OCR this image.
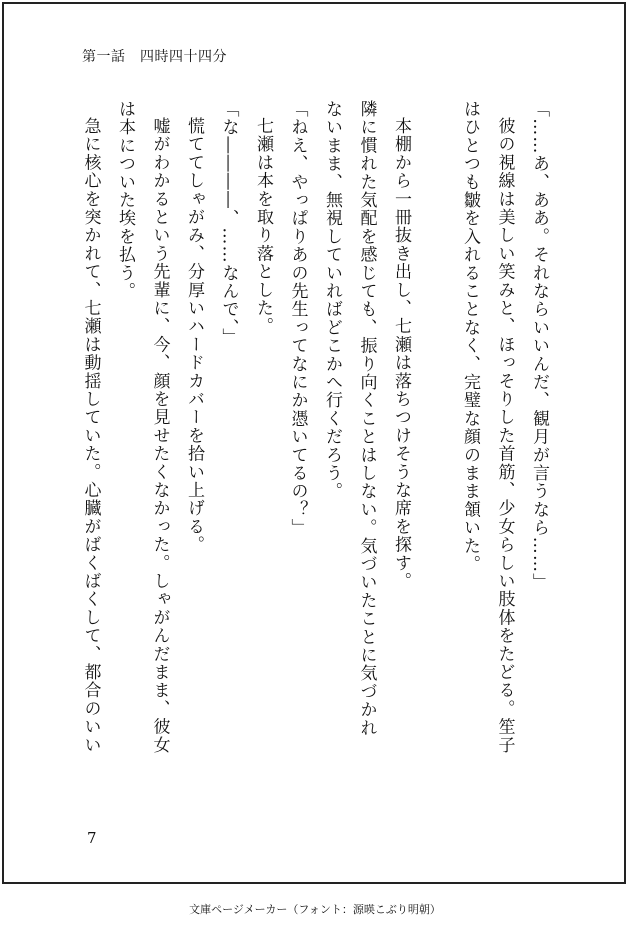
第一話　四時四十四分
「……あ、ああ。それならいいんだ、観月が言うなら……」
彼の視線は美しい笑みと、ほっそりした首筋、少女らしい肢体をたどる。笙子
はひとつも皺を入れることなく、完璧な顔のまま頷いた。
本棚から一冊抜き出し、七瀬は落ちつけそうな席を探す。
隣に慣れた気配を感じても、振り向くことはしない。気づいたことに気づかれ
ないまま、無視していればどこかへ行くだろう。
「ねえ、やっぱりあの先生ってなにか憑いてるの？」
七瀬は本を取り落とした。
「な――――、……なんで、」
慌ててしゃがみ、分厚いハードカバーを拾い上げる。
嘘がわかるという先輩に、今、顔を見せたくなかった。しゃがんだまま、彼女
は本についた埃を払う。
急に核心を突かれて、七瀬は動揺していた。心臓がばくばくして、都合のいい
7
文庫ページメーカー（フォント：源暎こぶり明朝）
